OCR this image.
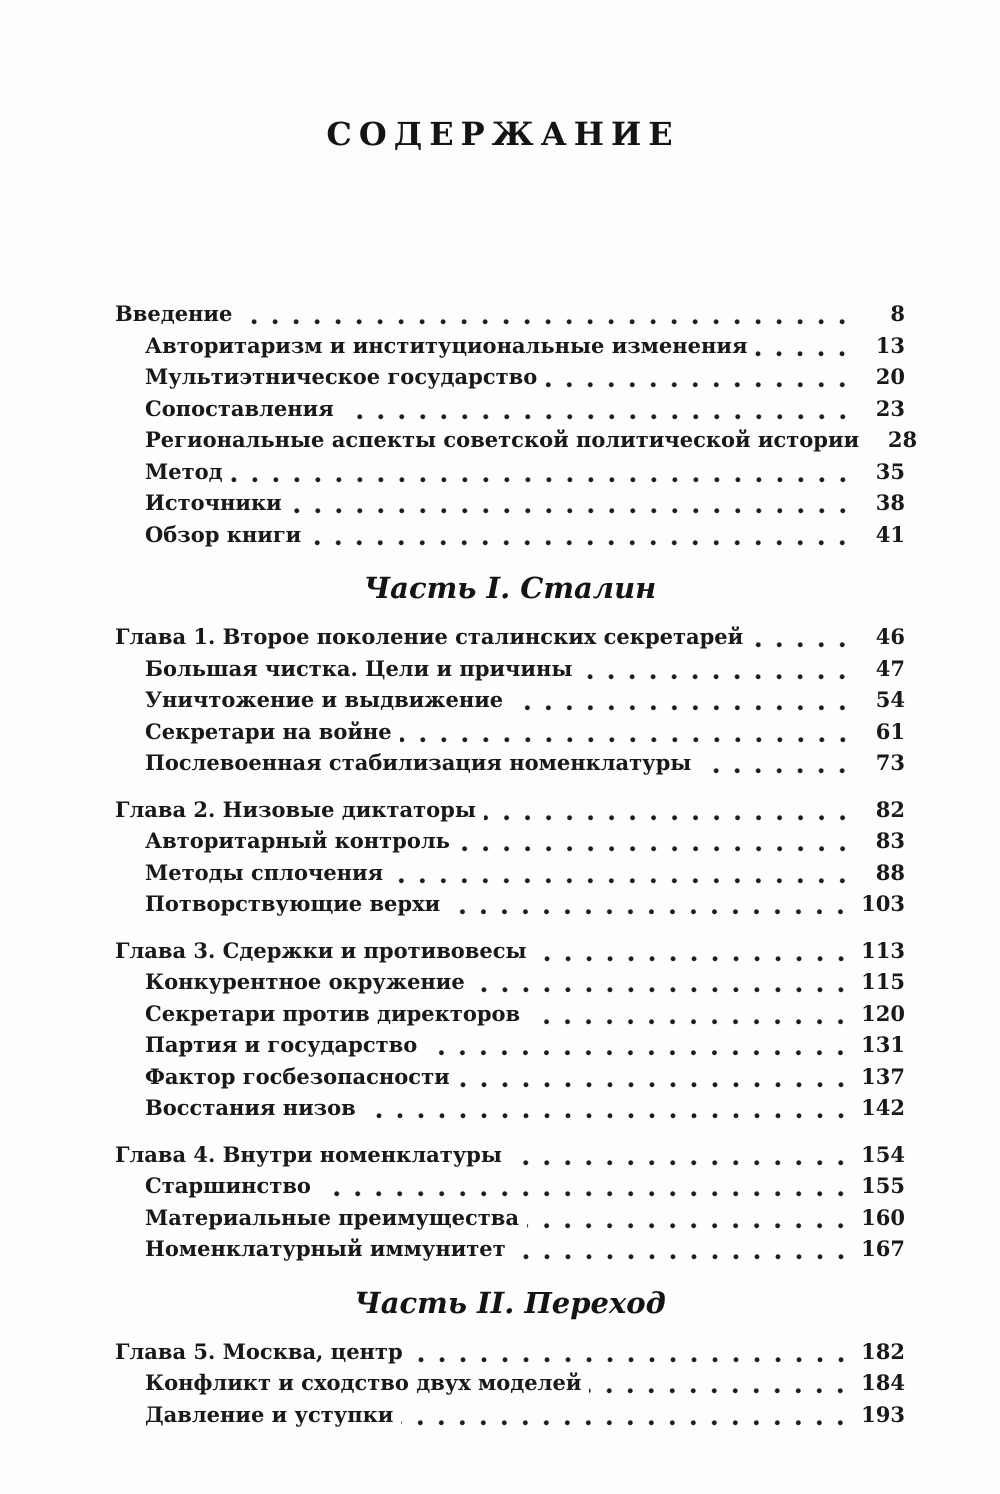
СОДЕРЖАНИЕ
Введение	8
Авторитаризм и институциональные изменения	13
Мультиэтническое государство	20
Сопоставления	23
Региональные аспекты советской политической истории	28
Метод	35
Источники	38
Обзор книги	41
Часть I. Сталин
Глава 1. Второе поколение сталинских секретарей	46
Большая чистка. Цели и причины	47
Уничтожение и выдвижение	54
Секретари на войне	61
Послевоенная стабилизация номенклатуры	73
Глава 2. Низовые диктаторы	82
Авторитарный контроль	83
Методы сплочения	88
Потворствующие верхи	103
Глава 3. Сдержки и противовесы	113
Конкурентное окружение	115
Секретари против директоров	120
Партия и государство	131
Фактор госбезопасности	137
Восстания низов	142
Глава 4. Внутри номенклатуры	154
Старшинство	155
Материальные преимущества	160
Номенклатурный иммунитет	167
Часть II. Переход
Глава 5. Москва, центр	182
Конфликт и сходство двух моделей	184
Давление и уступки	193
